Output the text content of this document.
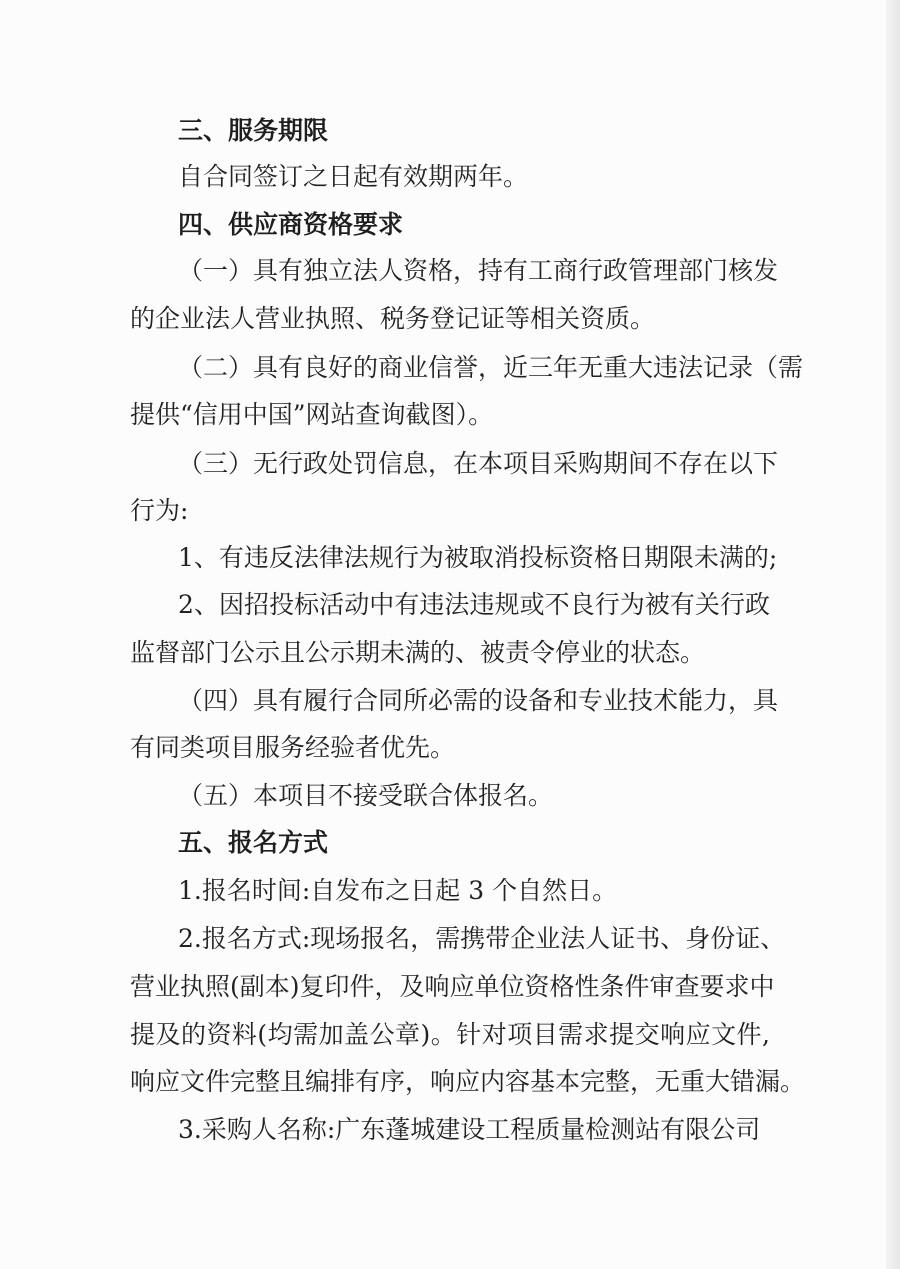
三、服务期限
自合同签订之日起有效期两年。
四、供应商资格要求
（一）具有独立法人资格，持有工商行政管理部门核发
的企业法人营业执照、税务登记证等相关资质。
（二）具有良好的商业信誉，近三年无重大违法记录（需
提供“信用中国”网站查询截图）。
（三）无行政处罚信息，在本项目采购期间不存在以下
行为:
1、有违反法律法规行为被取消投标资格日期限未满的;
2、因招投标活动中有违法违规或不良行为被有关行政
监督部门公示且公示期未满的、被责令停业的状态。
（四）具有履行合同所必需的设备和专业技术能力，具
有同类项目服务经验者优先。
（五）本项目不接受联合体报名。
五、报名方式
1.报名时间:自发布之日起 3 个自然日。
2.报名方式:现场报名，需携带企业法人证书、身份证、
营业执照(副本)复印件，及响应单位资格性条件审查要求中
提及的资料(均需加盖公章)。针对项目需求提交响应文件,
响应文件完整且编排有序，响应内容基本完整，无重大错漏。
3.采购人名称:广东蓬城建设工程质量检测站有限公司
